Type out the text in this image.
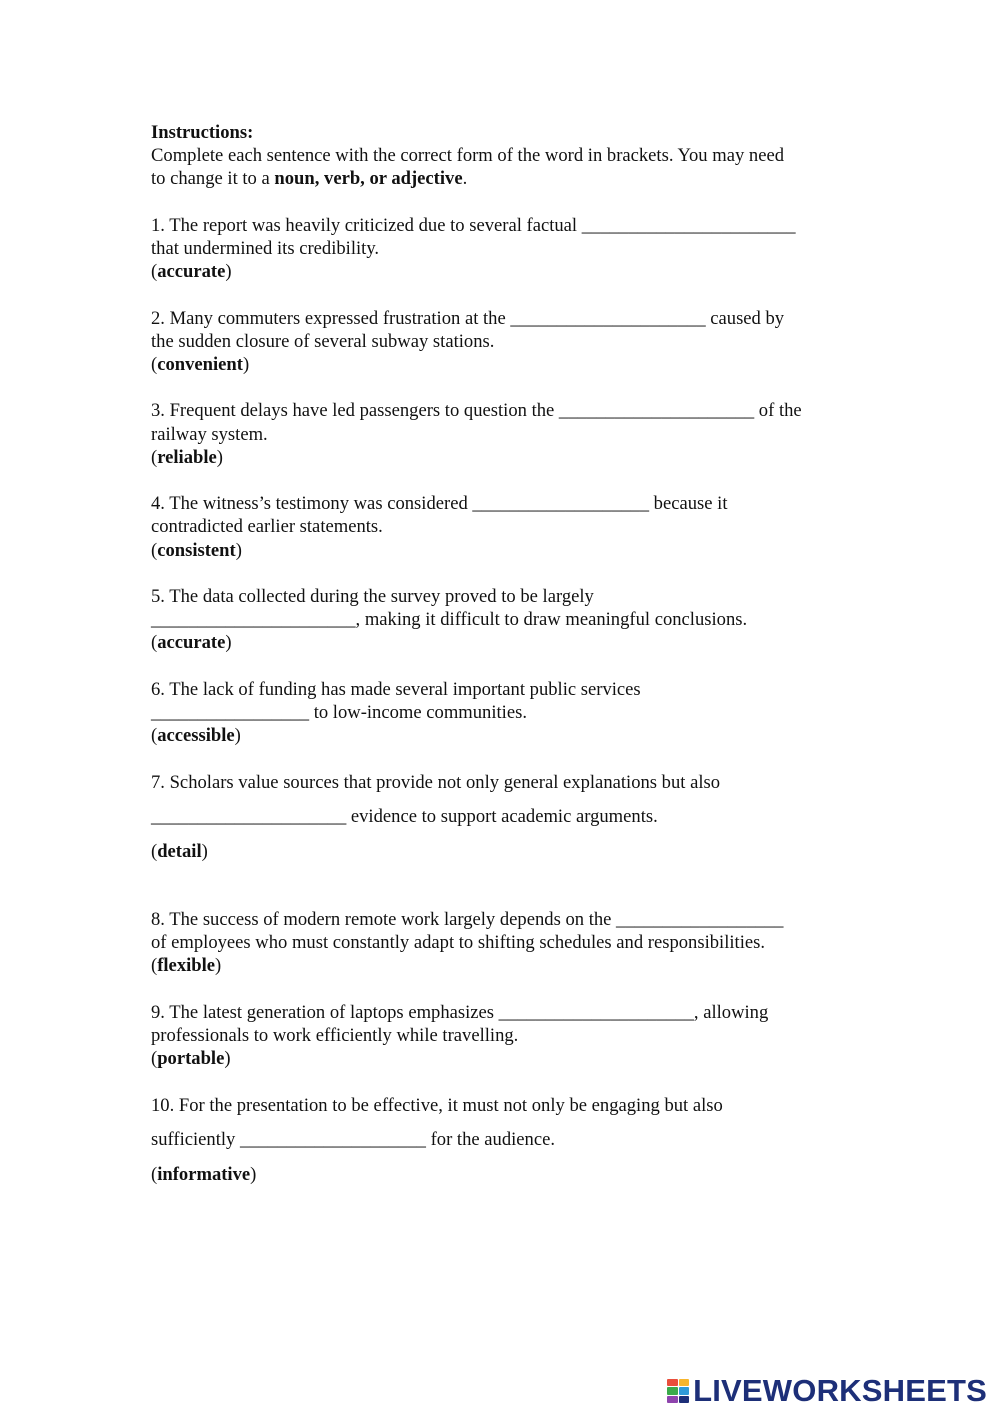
Instructions:
Complete each sentence with the correct form of the word in brackets. You may need
to change it to a noun, verb, or adjective.

1. The report was heavily criticized due to several factual _______________________
that undermined its credibility.
(accurate)
2. Many commuters expressed frustration at the _____________________ caused by
the sudden closure of several subway stations.
(convenient)
3. Frequent delays have led passengers to question the _____________________ of the
railway system.
(reliable)
4. The witness’s testimony was considered ___________________ because it
contradicted earlier statements.
(consistent)
5. The data collected during the survey proved to be largely
______________________, making it difficult to draw meaningful conclusions.
(accurate)
6. The lack of funding has made several important public services
_________________ to low-income communities.
(accessible)
7. Scholars value sources that provide not only general explanations but also
_____________________ evidence to support academic arguments.
(detail)
8. The success of modern remote work largely depends on the __________________
of employees who must constantly adapt to shifting schedules and responsibilities.
(flexible)
9. The latest generation of laptops emphasizes _____________________, allowing
professionals to work efficiently while travelling.
(portable)
10. For the presentation to be effective, it must not only be engaging but also
sufficiently ____________________ for the audience.
(informative)
LIVEWORKSHEETS
